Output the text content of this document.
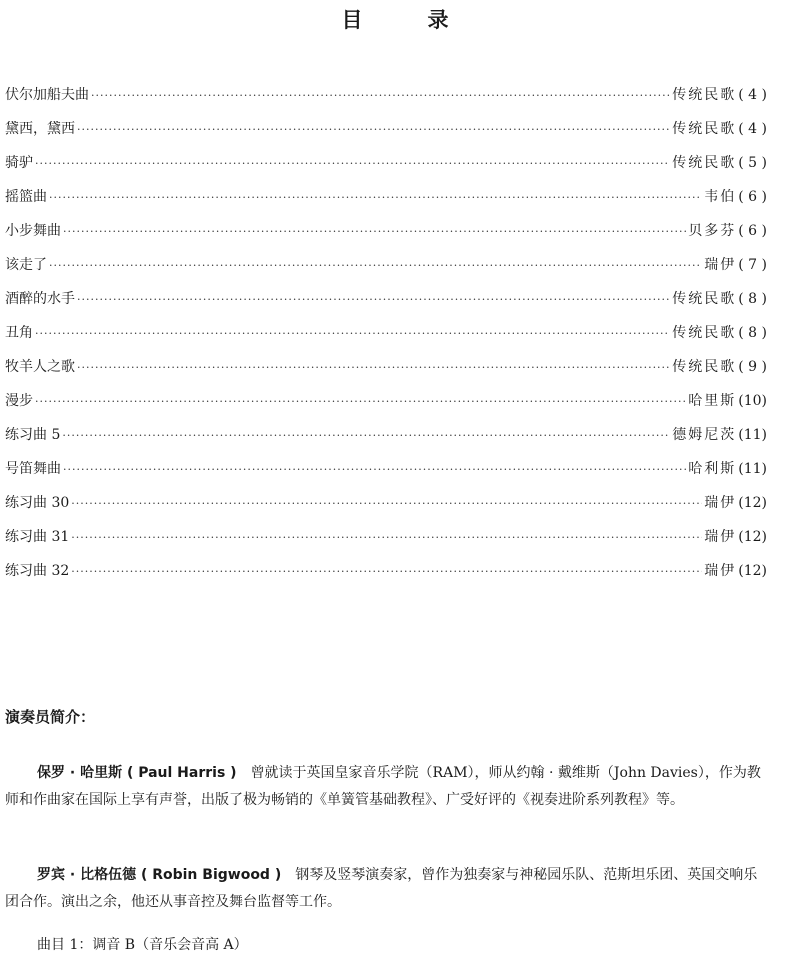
目　录
伏尔加船夫曲 ·····	传统民歌 ( 4 )
黛西，黛西 ·····	传统民歌 ( 4 )
骑驴 ·····	传统民歌 ( 5 )
摇篮曲 ·····	韦伯 ( 6 )
小步舞曲 ·····	贝多芬 ( 6 )
该走了 ·····	瑞伊 ( 7 )
酒醉的水手 ·····	传统民歌 ( 8 )
丑角 ·····	传统民歌 ( 8 )
牧羊人之歌 ·····	传统民歌 ( 9 )
漫步 ·····	哈里斯 (10)
练习曲 5 ·····	德姆尼茨 (11)
号笛舞曲 ·····	哈利斯 (11)
练习曲 30 ·····	瑞伊 (12)
练习曲 31 ·····	瑞伊 (12)
练习曲 32 ·····	瑞伊 (12)
演奏员简介：

保罗 · 哈里斯 ( Paul Harris )　 曾就读于英国皇家音乐学院（RAM），师从约翰 · 戴维斯（John Davies），作为教师和作曲家在国际上享有声誉，出版了极为畅销的《单簧管基础教程》、广受好评的《视奏进阶系列教程》等。

罗宾 · 比格伍德 ( Robin Bigwood )　 钢琴及竖琴演奏家，曾作为独奏家与神秘园乐队、范斯坦乐团、英国交响乐团合作。演出之余，他还从事音控及舞台监督等工作。

曲目 1：调音 B（音乐会音高 A）
